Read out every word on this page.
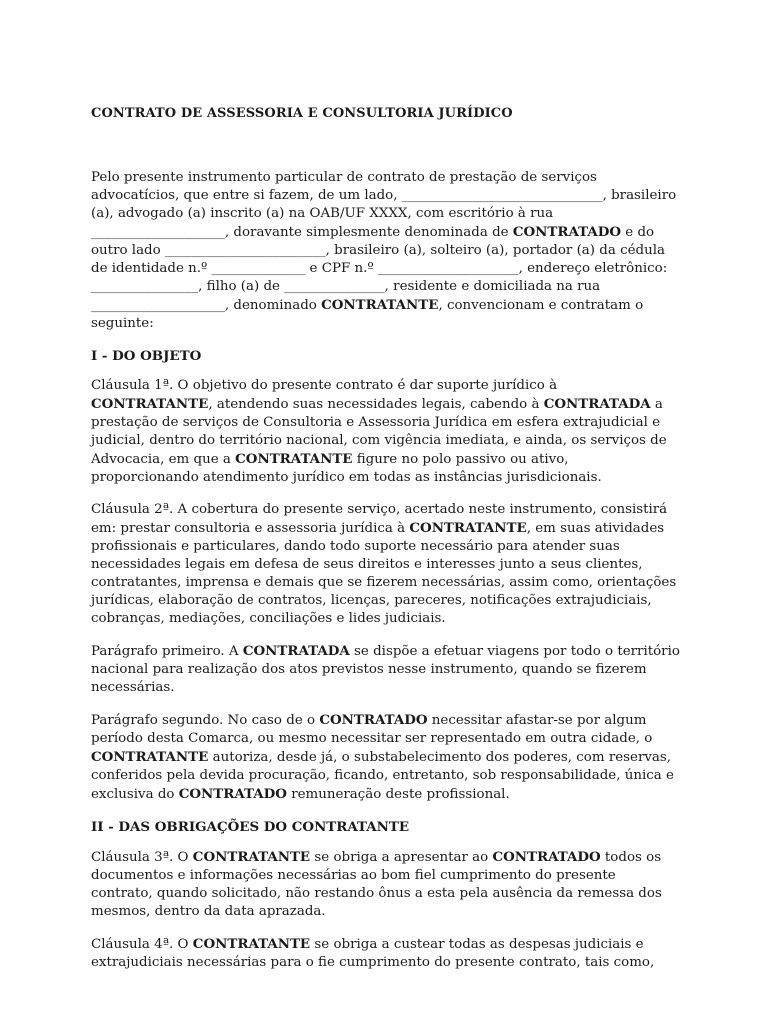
CONTRATO DE ASSESSORIA E CONSULTORIA JURÍDICO

Pelo presente instrumento particular de contrato de prestação de serviços advocatícios, que entre si fazem, de um lado, ______________________________, brasileiro (a), advogado (a) inscrito (a) na OAB/UF XXXX, com escritório à rua ____________________, doravante simplesmente denominada de CONTRATADO e do outro lado ________________________, brasileiro (a), solteiro (a), portador (a) da cédula de identidade n.º ______________ e CPF n.º _____________________, endereço eletrônico: ________________, filho (a) de _______________, residente e domiciliada na rua ____________________, denominado CONTRATANTE, convencionam e contratam o seguinte:

I - DO OBJETO

Cláusula 1ª. O objetivo do presente contrato é dar suporte jurídico à CONTRATANTE, atendendo suas necessidades legais, cabendo à CONTRATADA a prestação de serviços de Consultoria e Assessoria Jurídica em esfera extrajudicial e judicial, dentro do território nacional, com vigência imediata, e ainda, os serviços de Advocacia, em que a CONTRATANTE figure no polo passivo ou ativo, proporcionando atendimento jurídico em todas as instâncias jurisdicionais.

Cláusula 2ª. A cobertura do presente serviço, acertado neste instrumento, consistirá em: prestar consultoria e assessoria jurídica à CONTRATANTE, em suas atividades profissionais e particulares, dando todo suporte necessário para atender suas necessidades legais em defesa de seus direitos e interesses junto a seus clientes, contratantes, imprensa e demais que se fizerem necessárias, assim como, orientações jurídicas, elaboração de contratos, licenças, pareceres, notificações extrajudiciais, cobranças, mediações, conciliações e lides judiciais.

Parágrafo primeiro. A CONTRATADA se dispõe a efetuar viagens por todo o território nacional para realização dos atos previstos nesse instrumento, quando se fizerem necessárias.

Parágrafo segundo. No caso de o CONTRATADO necessitar afastar-se por algum período desta Comarca, ou mesmo necessitar ser representado em outra cidade, o CONTRATANTE autoriza, desde já, o substabelecimento dos poderes, com reservas, conferidos pela devida procuração, ficando, entretanto, sob responsabilidade, única e exclusiva do CONTRATADO remuneração deste profissional.

II - DAS OBRIGAÇÕES DO CONTRATANTE

Cláusula 3ª. O CONTRATANTE se obriga a apresentar ao CONTRATADO todos os documentos e informações necessárias ao bom fiel cumprimento do presente contrato, quando solicitado, não restando ônus a esta pela ausência da remessa dos mesmos, dentro da data aprazada.

Cláusula 4ª. O CONTRATANTE se obriga a custear todas as despesas judiciais e extrajudiciais necessárias para o fie cumprimento do presente contrato, tais como,
